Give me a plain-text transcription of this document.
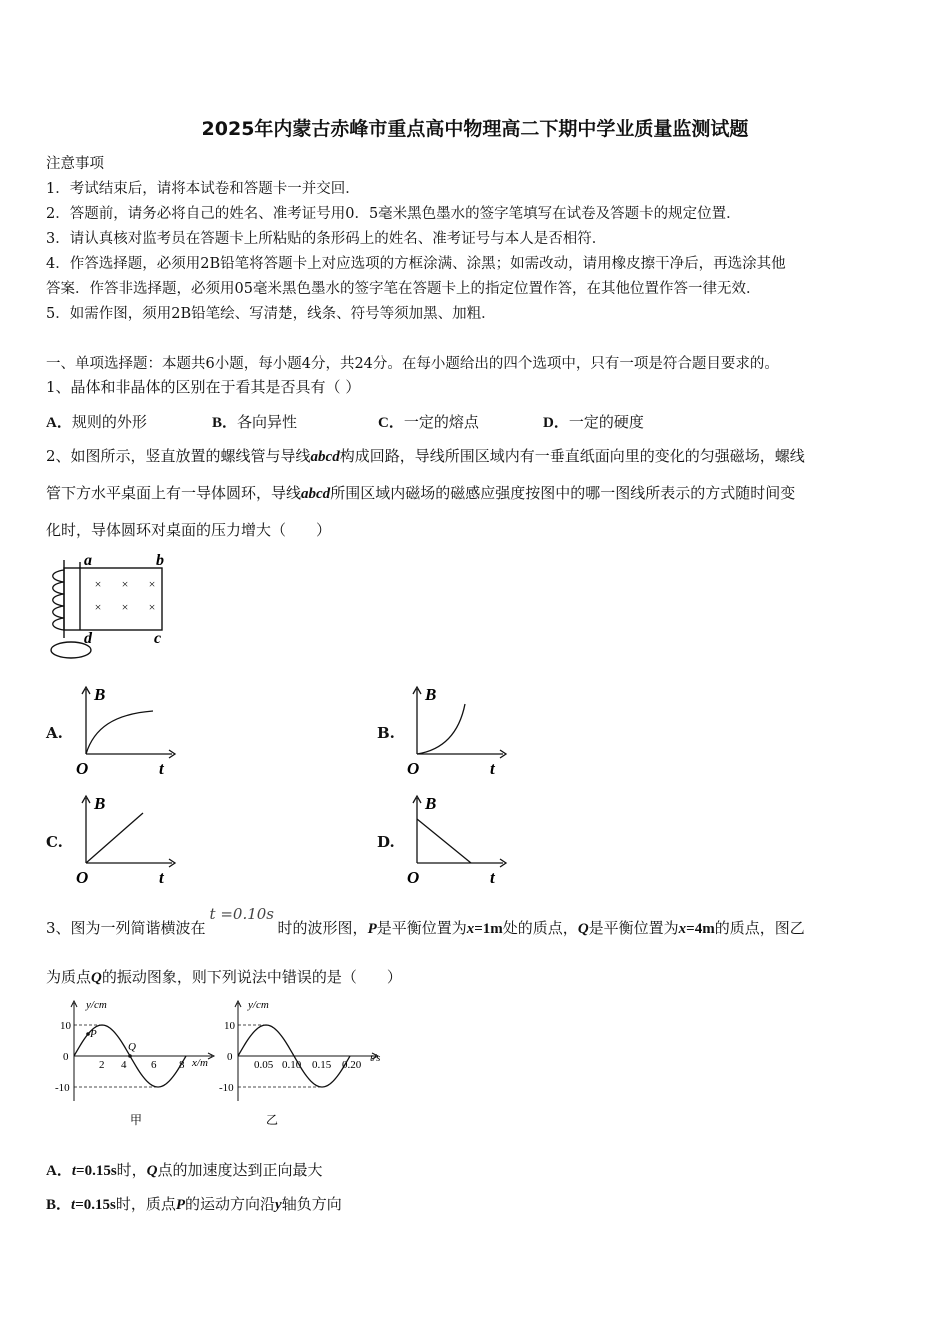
2025年内蒙古赤峰市重点高中物理高二下期中学业质量监测试题
注意事项
1．考试结束后，请将本试卷和答题卡一并交回．
2．答题前，请务必将自己的姓名、准考证号用0．5毫米黑色墨水的签字笔填写在试卷及答题卡的规定位置．
3．请认真核对监考员在答题卡上所粘贴的条形码上的姓名、准考证号与本人是否相符．
4．作答选择题，必须用2B铅笔将答题卡上对应选项的方框涂满、涂黑；如需改动，请用橡皮擦干净后，再选涂其他
答案．作答非选择题，必须用05毫米黑色墨水的签字笔在答题卡上的指定位置作答，在其他位置作答一律无效．
5．如需作图，须用2B铅笔绘、写清楚，线条、符号等须加黑、加粗．
一、单项选择题：本题共6小题，每小题4分，共24分。在每小题给出的四个选项中，只有一项是符合题目要求的。
1、晶体和非晶体的区别在于看其是否具有（ ）
A．规则的外形	B．各向异性	C．一定的熔点	D．一定的硬度
2、如图所示，竖直放置的螺线管与导线abcd构成回路，导线所围区域内有一垂直纸面向里的变化的匀强磁场，螺线
管下方水平桌面上有一导体圆环，导线abcd所围区域内磁场的磁感应强度按图中的哪一图线所表示的方式随时间变
化时，导体圆环对桌面的压力增大（　　）
a	b
d	c
× × ×
× × ×
A.
B
t
O
B.
B
t
O
C.
B
t
O
D.
B
t
O
3、图为一列简谐横波在
t =0.10s
时的波形图，P是平衡位置为x=1m处的质点，Q是平衡位置为x=4m的质点，图乙
为质点Q的振动图象，则下列说法中错误的是（　　）
y/cm
x/m
10
0
-10
2 4 6 8
P
Q
甲
y/cm
t/s
10
0
-10
0.05 0.10 0.15 0.20
乙
A．t=0.15s时，Q点的加速度达到正向最大
B．t=0.15s时，质点P的运动方向沿y轴负方向
